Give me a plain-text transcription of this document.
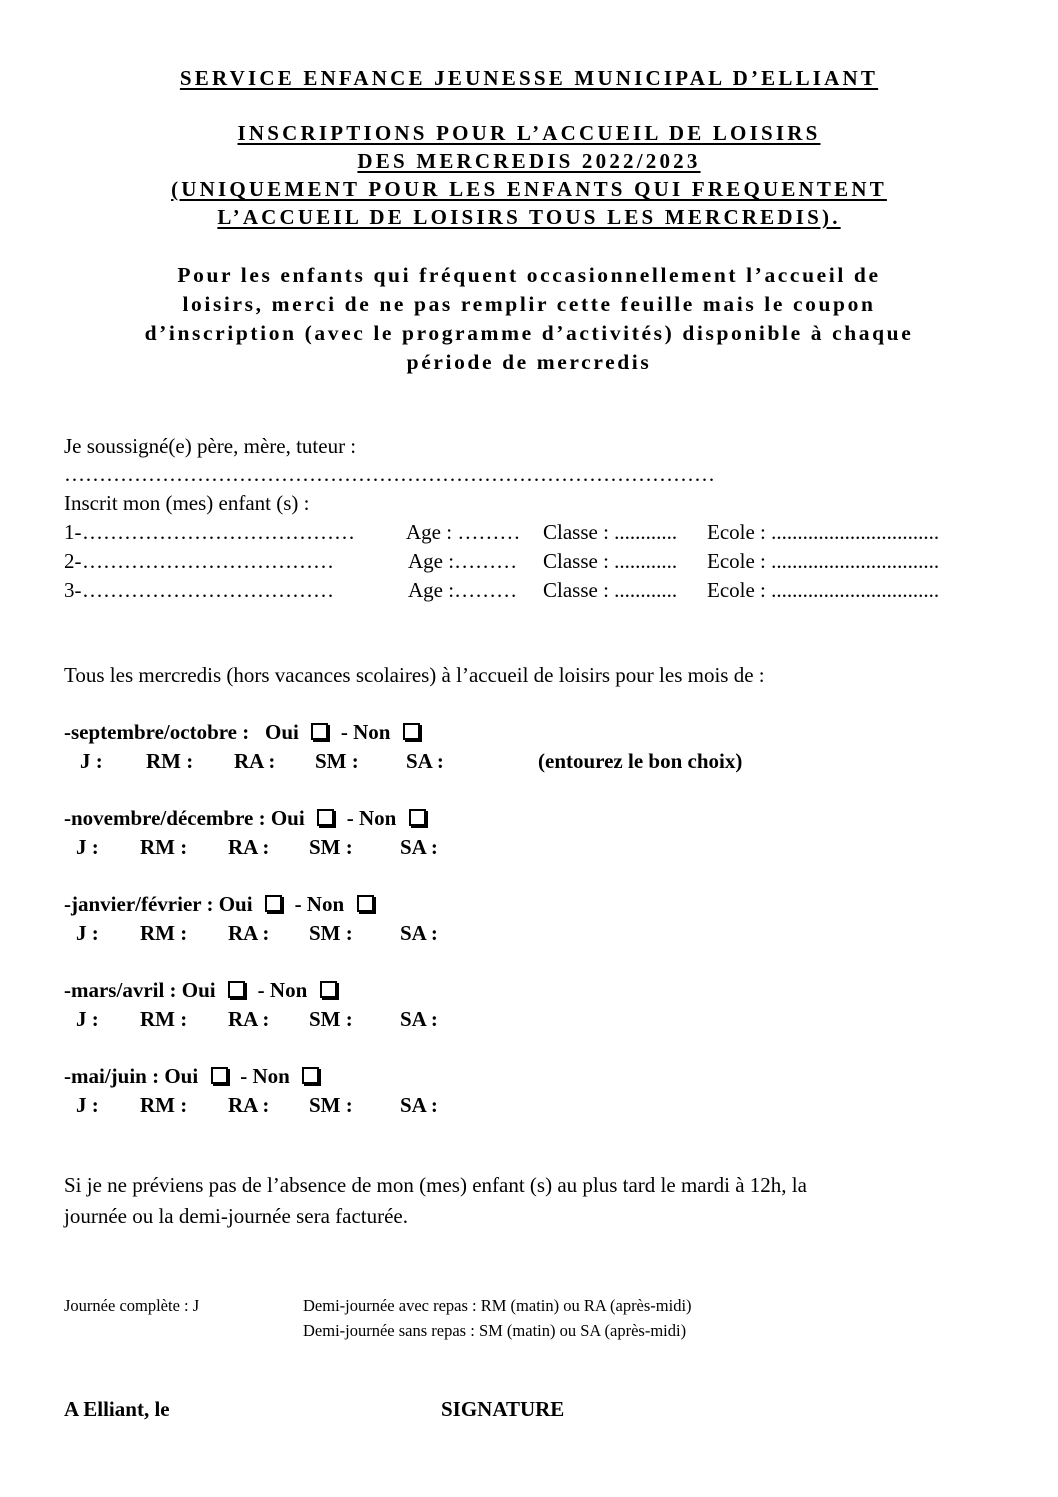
SERVICE ENFANCE JEUNESSE MUNICIPAL D’ELLIANT
INSCRIPTIONS POUR L’ACCUEIL DE LOISIRS
DES MERCREDIS 2022/2023
(UNIQUEMENT POUR LES ENFANTS QUI FREQUENTENT
L’ACCUEIL DE LOISIRS TOUS LES MERCREDIS).
Pour les enfants qui fréquent occasionnellement l’accueil de
loisirs, merci de ne pas remplir cette feuille mais le coupon
d’inscription (avec le programme d’activités) disponible à chaque
période de mercredis
Je soussigné(e) père, mère, tuteur :
…………………………………………………………………………………
Inscrit mon (mes) enfant (s) :
1- ………………………………… Age : ……… Classe : ............ Ecole : ................................
2- ………………………………	Age :……… Classe : ............ Ecole : ................................
3- ………………………………	Age :……… Classe : ............ Ecole : ................................
Tous les mercredis (hors vacances scolaires) à l’accueil de loisirs pour les mois de :
-septembre/octobre : Oui - Non
J : RM : RA : SM : SA :	(entourez le bon choix)
-novembre/décembre : Oui - Non
J : RM : RA : SM : SA :
-janvier/février : Oui - Non
J : RM : RA : SM : SA :
-mars/avril : Oui - Non
J : RM : RA : SM : SA :
-mai/juin : Oui - Non
J : RM : RA : SM : SA :
Si je ne préviens pas de l’absence de mon (mes) enfant (s) au plus tard le mardi à 12h, la
journée ou la demi-journée sera facturée.
Journée complète : J	Demi-journée avec repas : RM (matin) ou RA (après-midi)
Demi-journée sans repas : SM (matin) ou SA (après-midi)
A Elliant, le	SIGNATURE
